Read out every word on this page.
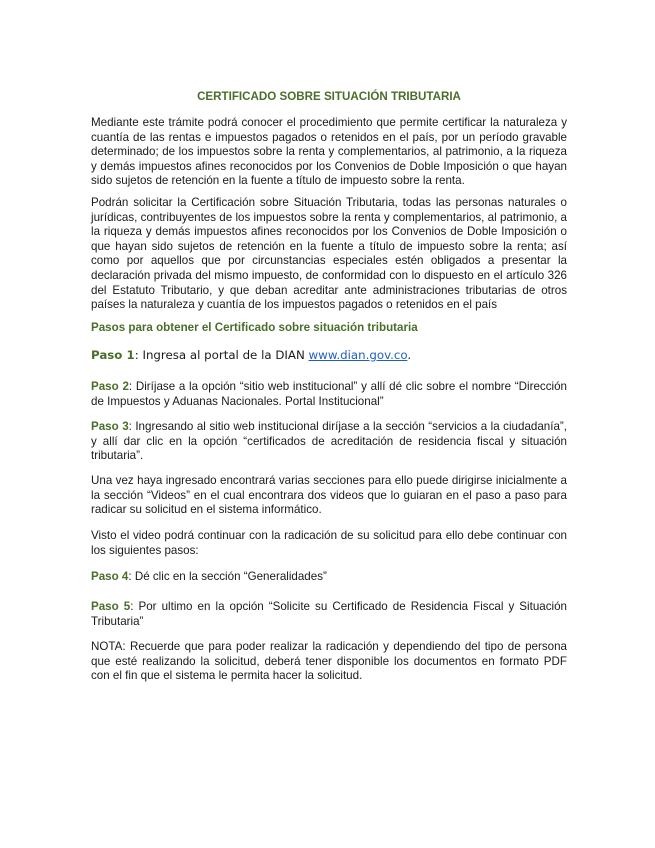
CERTIFICADO SOBRE SITUACIÓN TRIBUTARIA

Mediante este trámite podrá conocer el procedimiento que permite certificar la naturaleza y cuantía de las rentas e impuestos pagados o retenidos en el país, por un período gravable determinado; de los impuestos sobre la renta y complementarios, al patrimonio, a la riqueza y demás impuestos afines reconocidos por los Convenios de Doble Imposición o que hayan sido sujetos de retención en la fuente a título de impuesto sobre la renta.

Podrán solicitar la Certificación sobre Situación Tributaria, todas las personas naturales o jurídicas, contribuyentes de los impuestos sobre la renta y complementarios, al patrimonio, a la riqueza y demás impuestos afines reconocidos por los Convenios de Doble Imposición o que hayan sido sujetos de retención en la fuente a título de impuesto sobre la renta; así como por aquellos que por circunstancias especiales estén obligados a presentar la declaración privada del mismo impuesto, de conformidad con lo dispuesto en el artículo 326 del Estatuto Tributario, y que deban acreditar ante administraciones tributarias de otros países la naturaleza y cuantía de los impuestos pagados o retenidos en el país

Pasos para obtener el Certificado sobre situación tributaria
Paso 1: Ingresa al portal de la DIAN www.dian.gov.co.

Paso 2: Diríjase a la opción “sitio web institucional” y allí dé clic sobre el nombre “Dirección de Impuestos y Aduanas Nacionales. Portal Institucional”

Paso 3: Ingresando al sitio web institucional diríjase a la sección “servicios a la ciudadanía”, y allí dar clic en la opción “certificados de acreditación de residencia fiscal y situación tributaria”.

Una vez haya ingresado encontrará varias secciones para ello puede dirigirse inicialmente a la sección “Videos” en el cual encontrara dos videos que lo guiaran en el paso a paso para radicar su solicitud en el sistema informático.

Visto el video podrá continuar con la radicación de su solicitud para ello debe continuar con los siguientes pasos:

Paso 4: Dé clic en la sección “Generalidades”

Paso 5: Por ultimo en la opción “Solicite su Certificado de Residencia Fiscal y Situación Tributaria”

NOTA: Recuerde que para poder realizar la radicación y dependiendo del tipo de persona que esté realizando la solicitud, deberá tener disponible los documentos en formato PDF con el fin que el sistema le permita hacer la solicitud.
